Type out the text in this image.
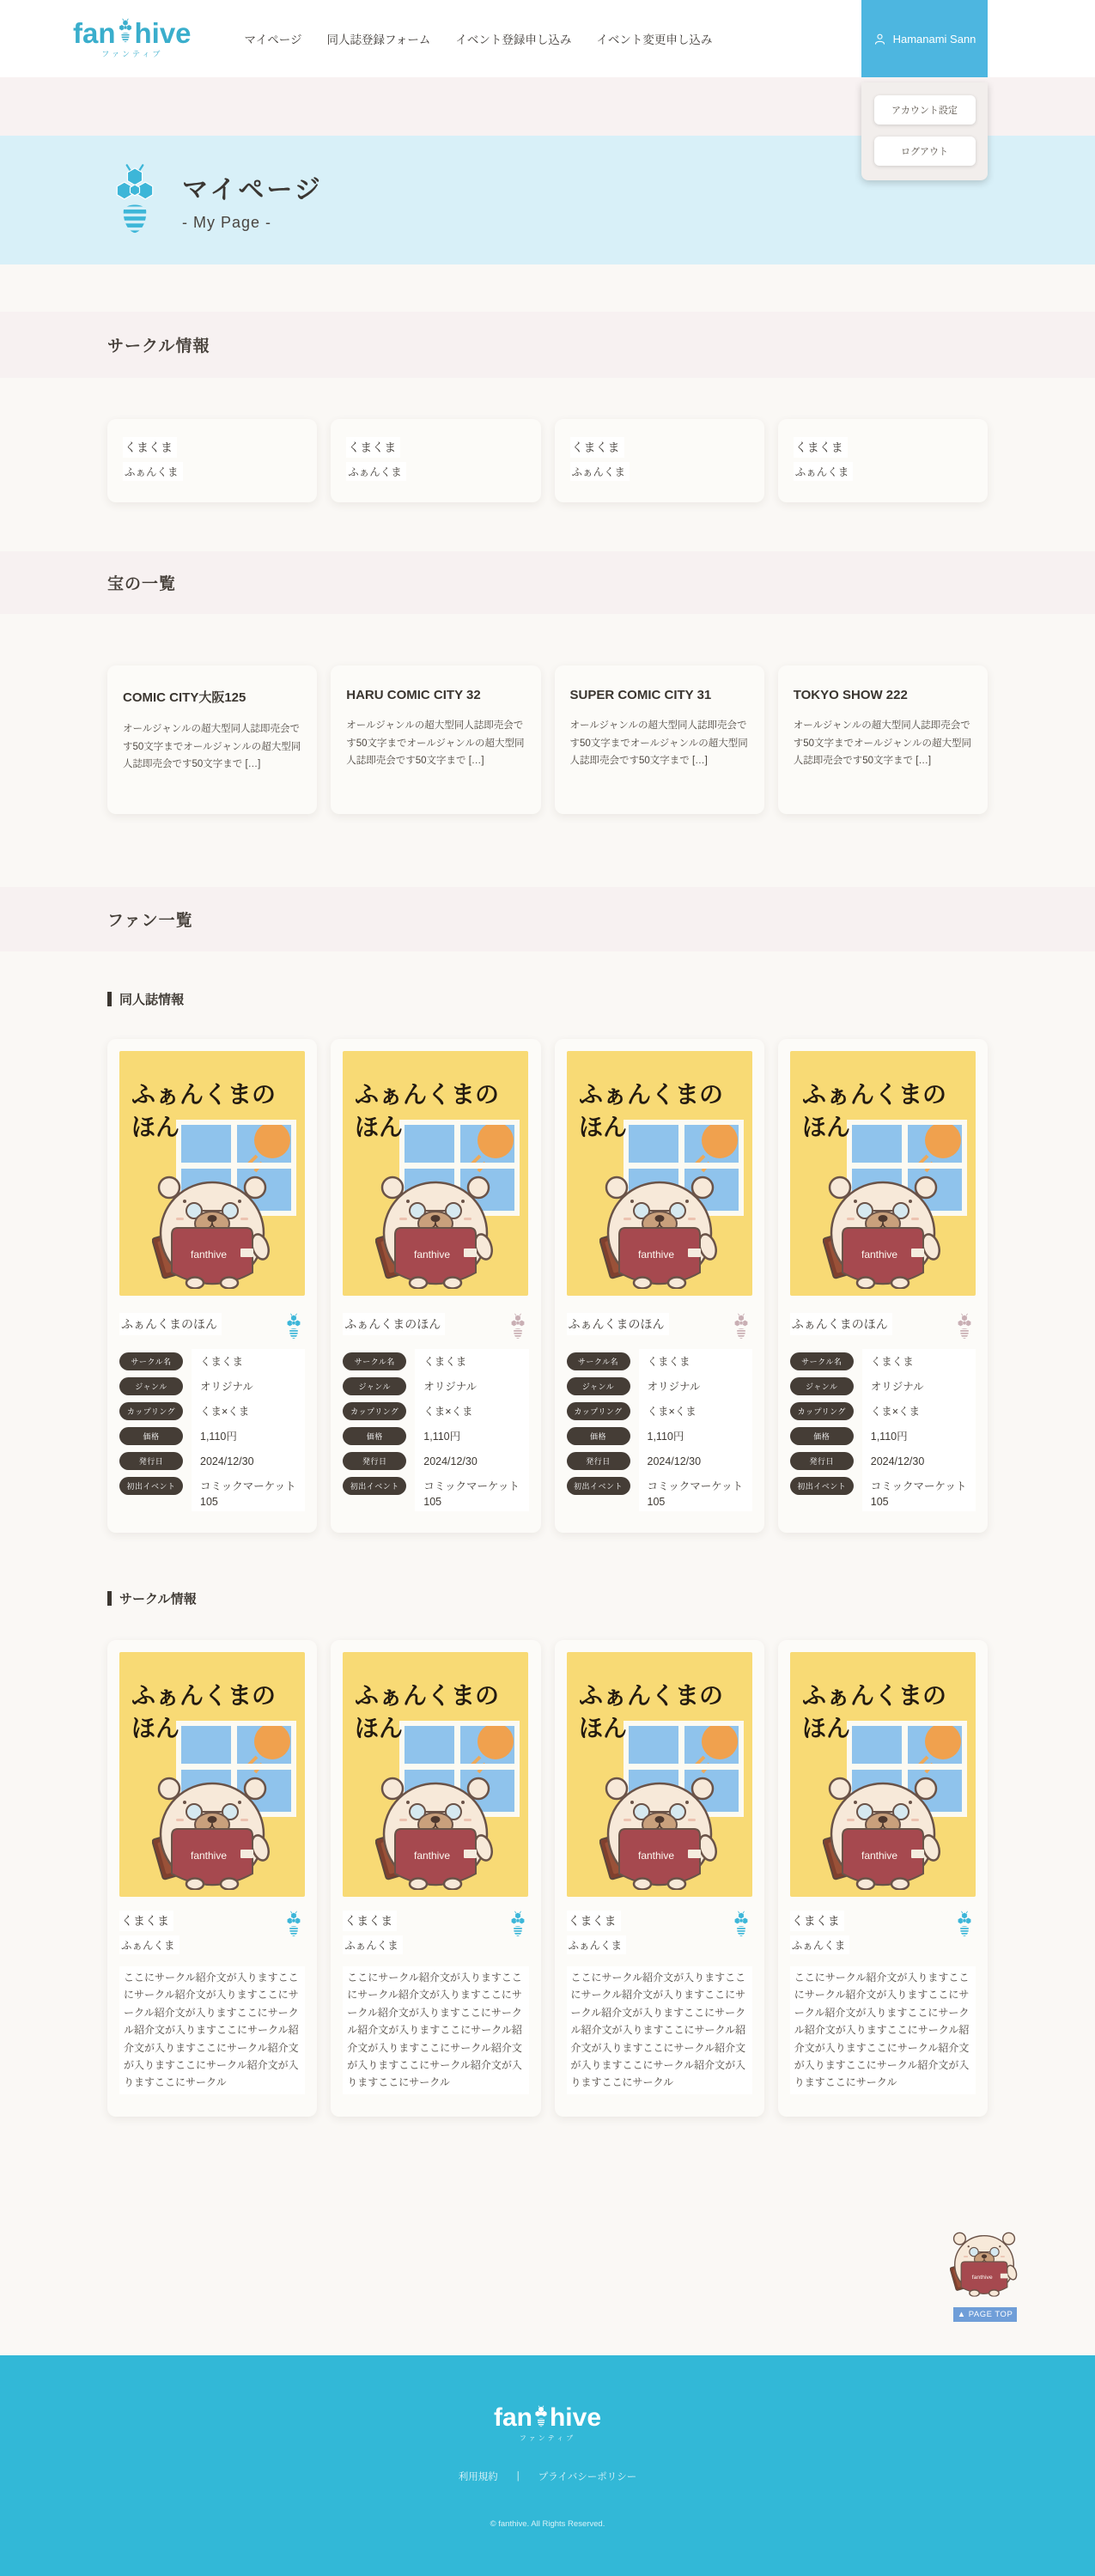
fan hive
ファンティブ
マイページ 同人誌登録フォーム イベント登録申し込み イベント変更申し込み	Hamanami Sann
アカウント設定
ログアウト
マイページ
- My Page -
サークル情報
くまくま
ふぁんくま
くまくま
ふぁんくま
くまくま
ふぁんくま
くまくま
ふぁんくま
宝の一覧
COMIC CITY大阪125
オールジャンルの超大型同人誌即売会です50文字までオールジャンルの超大型同人誌即売会です50文字まで […]
HARU COMIC CITY 32
オールジャンルの超大型同人誌即売会です50文字までオールジャンルの超大型同人誌即売会です50文字まで […]
SUPER COMIC CITY 31
オールジャンルの超大型同人誌即売会です50文字までオールジャンルの超大型同人誌即売会です50文字まで […]
TOKYO SHOW 222
オールジャンルの超大型同人誌即売会です50文字までオールジャンルの超大型同人誌即売会です50文字まで […]
ファン一覧
同人誌情報
ふぁんくまの
ほん
ふぁんくまのほん
サークル名	くまくま
ジャンル	オリジナル
カップリング	くま×くま
価格	1,110円
発行日	2024/12/30
初出イベント	コミックマーケット105
ふぁんくまの
ほん
ふぁんくまのほん
サークル名	くまくま
ジャンル	オリジナル
カップリング	くま×くま
価格	1,110円
発行日	2024/12/30
初出イベント	コミックマーケット105
ふぁんくまの
ほん
ふぁんくまのほん
サークル名	くまくま
ジャンル	オリジナル
カップリング	くま×くま
価格	1,110円
発行日	2024/12/30
初出イベント	コミックマーケット105
ふぁんくまの
ほん
ふぁんくまのほん
サークル名	くまくま
ジャンル	オリジナル
カップリング	くま×くま
価格	1,110円
発行日	2024/12/30
初出イベント	コミックマーケット105
サークル情報
ふぁんくまの
ほん
くまくま
ふぁんくま
ここにサークル紹介文が入りますここにサークル紹介文が入りますここにサークル紹介文が入りますここにサークル紹介文が入りますここにサークル紹介文が入りますここにサークル紹介文が入りますここにサークル紹介文が入りますここにサークル
ふぁんくまの
ほん
くまくま
ふぁんくま
ここにサークル紹介文が入りますここにサークル紹介文が入りますここにサークル紹介文が入りますここにサークル紹介文が入りますここにサークル紹介文が入りますここにサークル紹介文が入りますここにサークル紹介文が入りますここにサークル
ふぁんくまの
ほん
くまくま
ふぁんくま
ここにサークル紹介文が入りますここにサークル紹介文が入りますここにサークル紹介文が入りますここにサークル紹介文が入りますここにサークル紹介文が入りますここにサークル紹介文が入りますここにサークル紹介文が入りますここにサークル
ふぁんくまの
ほん
くまくま
ふぁんくま
ここにサークル紹介文が入りますここにサークル紹介文が入りますここにサークル紹介文が入りますここにサークル紹介文が入りますここにサークル紹介文が入りますここにサークル紹介文が入りますここにサークル紹介文が入りますここにサークル
▲ PAGE TOP
fan hive
ファンティブ
利用規約 | プライバシーポリシー
© fanthive. All Rights Reserved.
